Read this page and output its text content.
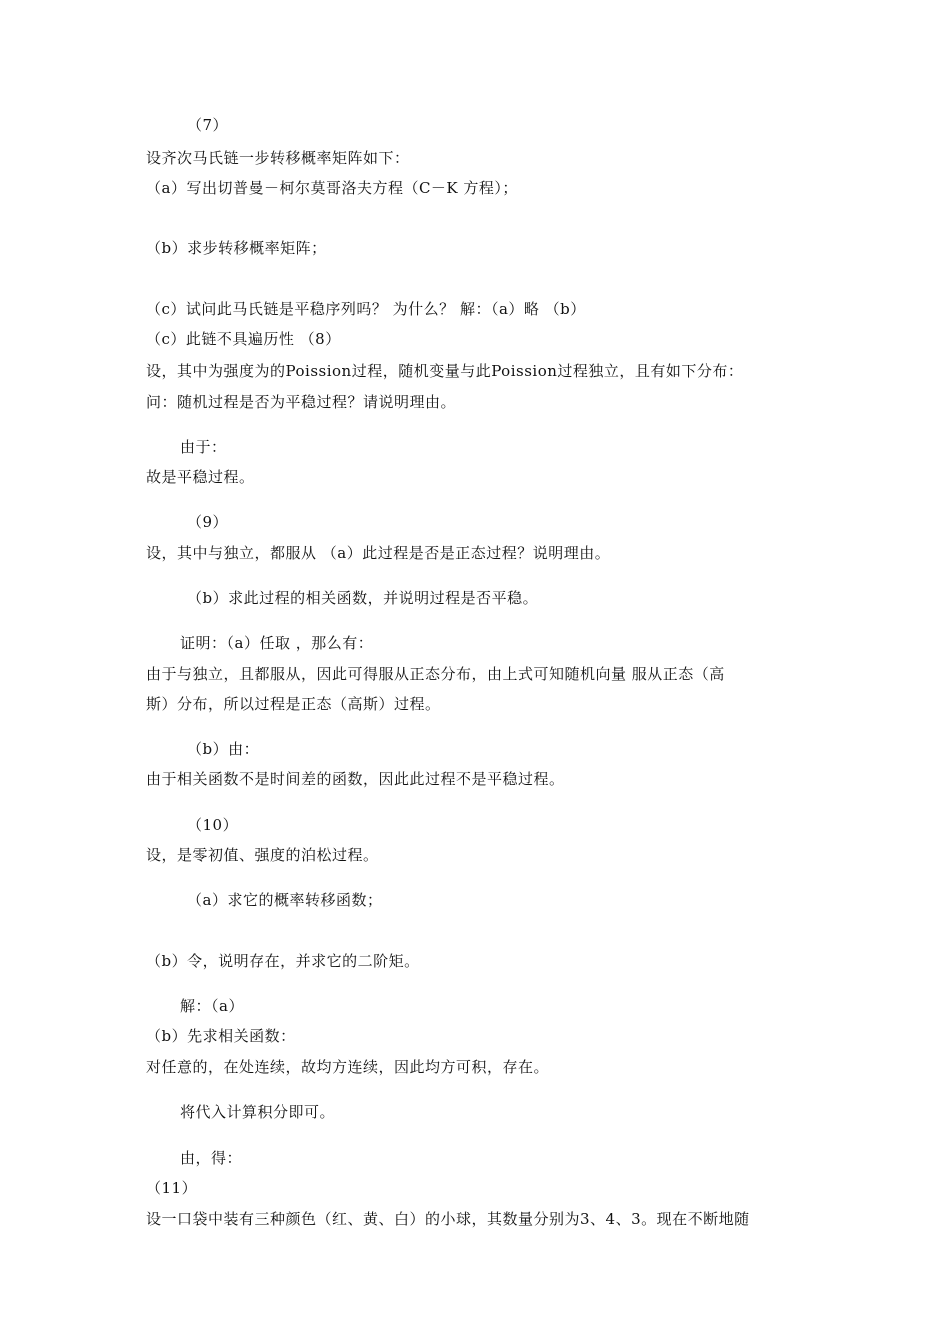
（7）
设齐次马氏链一步转移概率矩阵如下：
（a）写出切普曼－柯尔莫哥洛夫方程（C－K 方程）；
（b）求步转移概率矩阵；
（c）试问此马氏链是平稳序列吗？ 为什么？ 解：（a）略 （b）
（c）此链不具遍历性 （8）
设，其中为强度为的Poission过程，随机变量与此Poission过程独立，且有如下分布：
问：随机过程是否为平稳过程？请说明理由。
由于：
故是平稳过程。
（9）
设，其中与独立，都服从 （a）此过程是否是正态过程？说明理由。
（b）求此过程的相关函数，并说明过程是否平稳。
证明：（a）任取 ，那么有：
由于与独立，且都服从，因此可得服从正态分布，由上式可知随机向量 服从正态（高
斯）分布，所以过程是正态（高斯）过程。
（b）由：
由于相关函数不是时间差的函数，因此此过程不是平稳过程。
（10）
设，是零初值、强度的泊松过程。
（a）求它的概率转移函数；
（b）令，说明存在，并求它的二阶矩。
解：（a）
（b）先求相关函数：
对任意的，在处连续，故均方连续，因此均方可积，存在。
将代入计算积分即可。
由，得：
（11）
设一口袋中装有三种颜色（红、黄、白）的小球，其数量分别为3、4、3。现在不断地随
